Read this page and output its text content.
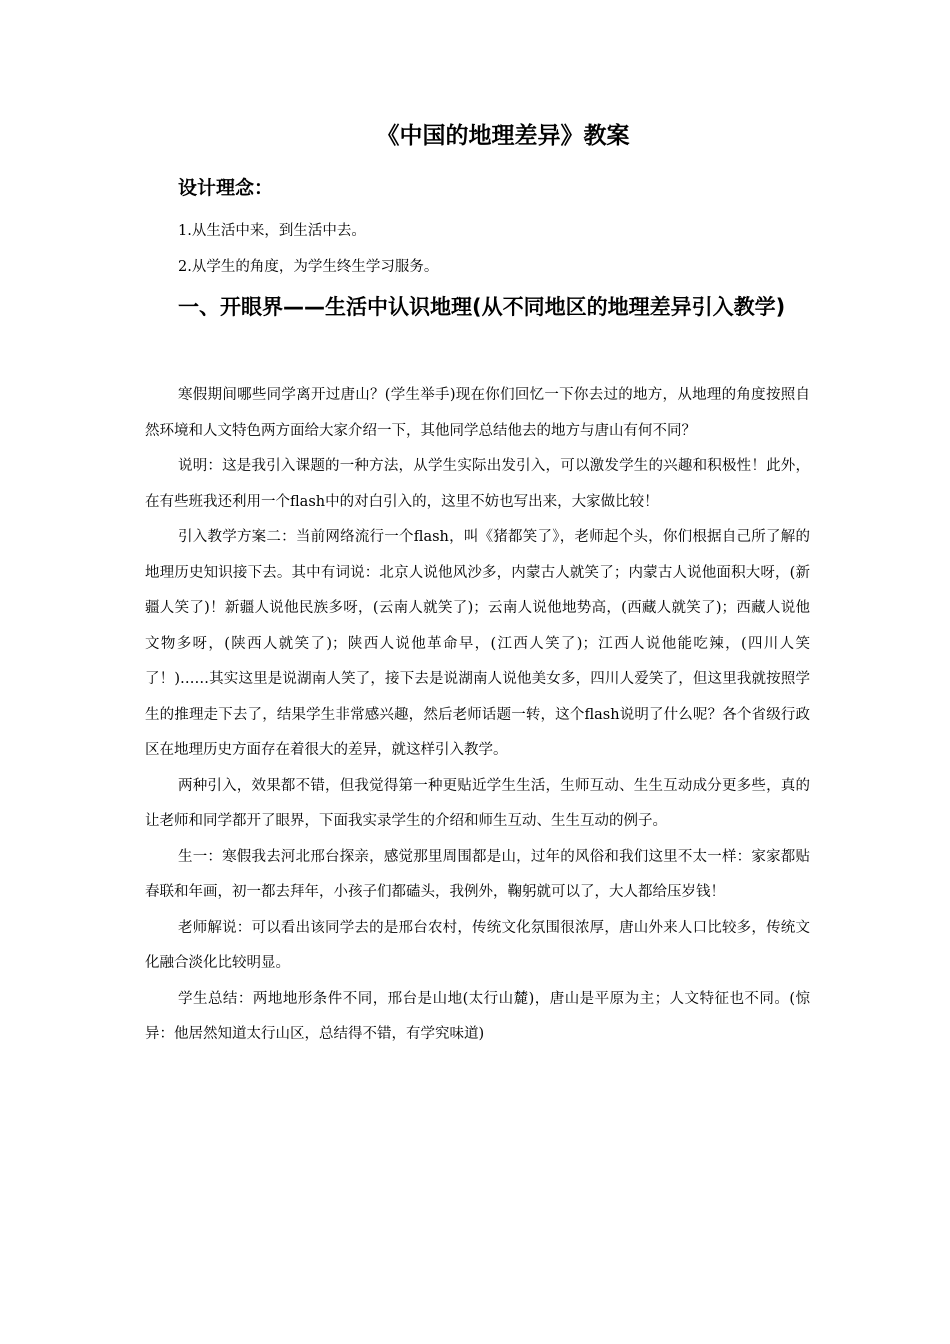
《中国的地理差异》教案
设计理念：
1.从生活中来，到生活中去。
2.从学生的角度，为学生终生学习服务。

一、开眼界——生活中认识地理(从不同地区的地理差异引入教学)

寒假期间哪些同学离开过唐山？(学生举手)现在你们回忆一下你去过的地方，从地理的角度按照自然环境和人文特色两方面给大家介绍一下，其他同学总结他去的地方与唐山有何不同？

说明：这是我引入课题的一种方法，从学生实际出发引入，可以激发学生的兴趣和积极性！此外，在有些班我还利用一个flash中的对白引入的，这里不妨也写出来，大家做比较！

引入教学方案二：当前网络流行一个flash，叫《猪都笑了》，老师起个头，你们根据自己所了解的地理历史知识接下去。其中有词说：北京人说他风沙多，内蒙古人就笑了；内蒙古人说他面积大呀，(新疆人笑了)！新疆人说他民族多呀，(云南人就笑了)；云南人说他地势高，(西藏人就笑了)；西藏人说他文物多呀，(陕西人就笑了)；陕西人说他革命早，(江西人笑了)；江西人说他能吃辣，(四川人笑了！)……其实这里是说湖南人笑了，接下去是说湖南人说他美女多，四川人爱笑了，但这里我就按照学生的推理走下去了，结果学生非常感兴趣，然后老师话题一转，这个flash说明了什么呢？各个省级行政区在地理历史方面存在着很大的差异，就这样引入教学。

两种引入，效果都不错，但我觉得第一种更贴近学生生活，生师互动、生生互动成分更多些，真的让老师和同学都开了眼界，下面我实录学生的介绍和师生互动、生生互动的例子。

生一：寒假我去河北邢台探亲，感觉那里周围都是山，过年的风俗和我们这里不太一样：家家都贴春联和年画，初一都去拜年，小孩子们都磕头，我例外，鞠躬就可以了，大人都给压岁钱！

老师解说：可以看出该同学去的是邢台农村，传统文化氛围很浓厚，唐山外来人口比较多，传统文化融合淡化比较明显。

学生总结：两地地形条件不同，邢台是山地(太行山麓)，唐山是平原为主；人文特征也不同。(惊异：他居然知道太行山区，总结得不错，有学究味道)
